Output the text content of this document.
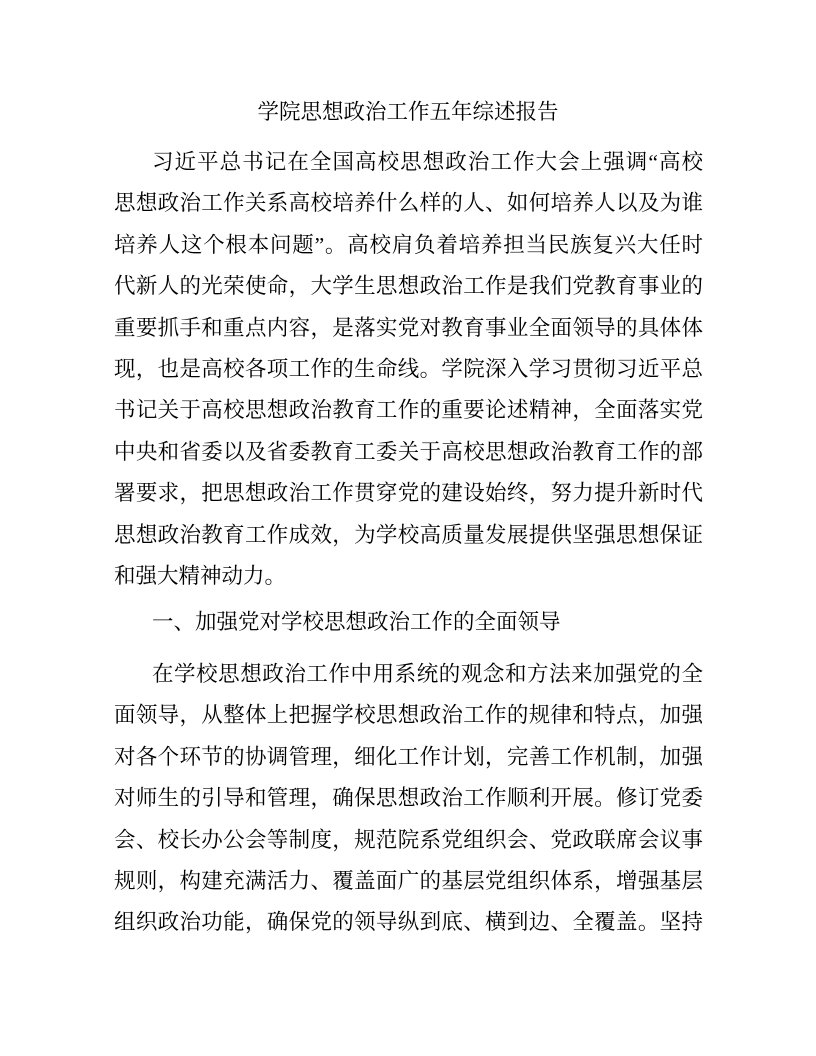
学院思想政治工作五年综述报告
习近平总书记在全国高校思想政治工作大会上强调“高校
思想政治工作关系高校培养什么样的人、如何培养人以及为谁
培养人这个根本问题”。高校肩负着培养担当民族复兴大任时
代新人的光荣使命，大学生思想政治工作是我们党教育事业的
重要抓手和重点内容，是落实党对教育事业全面领导的具体体
现，也是高校各项工作的生命线。学院深入学习贯彻习近平总
书记关于高校思想政治教育工作的重要论述精神，全面落实党
中央和省委以及省委教育工委关于高校思想政治教育工作的部
署要求，把思想政治工作贯穿党的建设始终，努力提升新时代
思想政治教育工作成效，为学校高质量发展提供坚强思想保证
和强大精神动力。
一、加强党对学校思想政治工作的全面领导
在学校思想政治工作中用系统的观念和方法来加强党的全
面领导，从整体上把握学校思想政治工作的规律和特点，加强
对各个环节的协调管理，细化工作计划，完善工作机制，加强
对师生的引导和管理，确保思想政治工作顺利开展。修订党委
会、校长办公会等制度，规范院系党组织会、党政联席会议事
规则，构建充满活力、覆盖面广的基层党组织体系，增强基层
组织政治功能，确保党的领导纵到底、横到边、全覆盖。坚持
